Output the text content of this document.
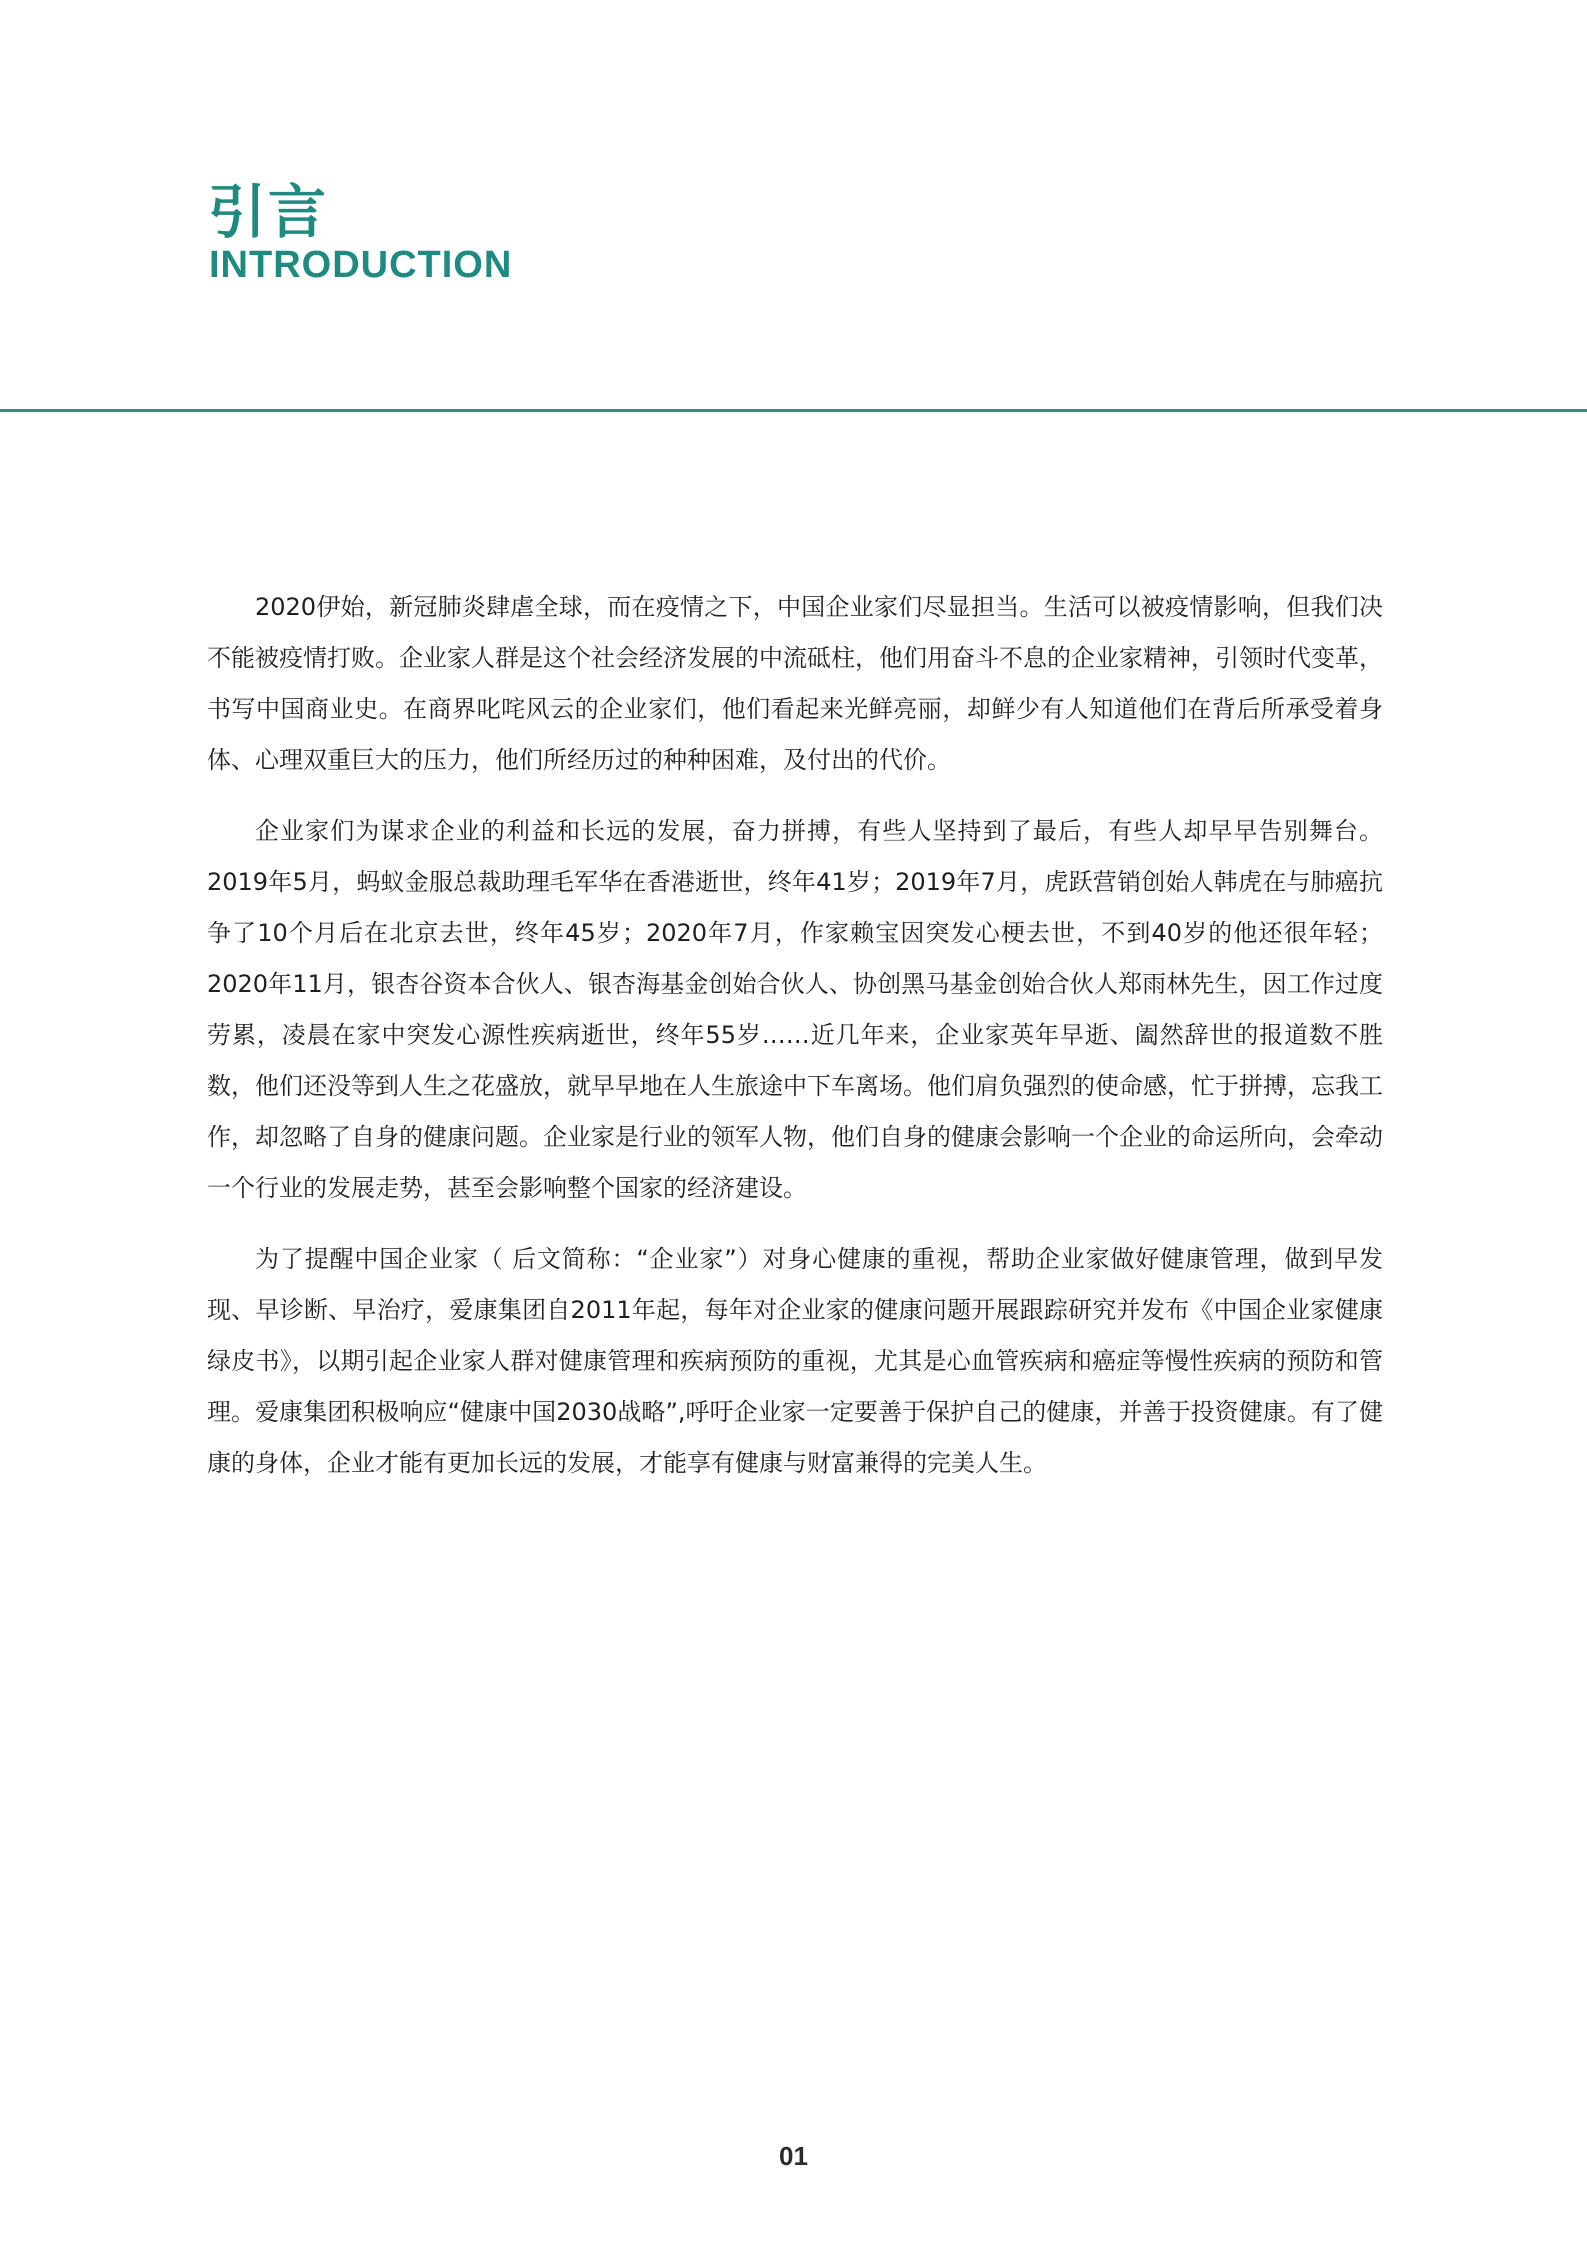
引言
INTRODUCTION

2020伊始，新冠肺炎肆虐全球，而在疫情之下，中国企业家们尽显担当。生活可以被疫情影响，但我们决不能被疫情打败。企业家人群是这个社会经济发展的中流砥柱，他们用奋斗不息的企业家精神，引领时代变革，书写中国商业史。在商界叱咤风云的企业家们，他们看起来光鲜亮丽，却鲜少有人知道他们在背后所承受着身体、心理双重巨大的压力，他们所经历过的种种困难，及付出的代价。

企业家们为谋求企业的利益和长远的发展，奋力拼搏，有些人坚持到了最后，有些人却早早告别舞台。2019年5月，蚂蚁金服总裁助理毛军华在香港逝世，终年41岁；2019年7月，虎跃营销创始人韩虎在与肺癌抗争了10个月后在北京去世，终年45岁；2020年7月，作家赖宝因突发心梗去世，不到40岁的他还很年轻；2020年11月，银杏谷资本合伙人、银杏海基金创始合伙人、协创黑马基金创始合伙人郑雨林先生，因工作过度劳累，凌晨在家中突发心源性疾病逝世，终年55岁……近几年来，企业家英年早逝、阖然辞世的报道数不胜数，他们还没等到人生之花盛放，就早早地在人生旅途中下车离场。他们肩负强烈的使命感，忙于拼搏，忘我工作，却忽略了自身的健康问题。企业家是行业的领军人物，他们自身的健康会影响一个企业的命运所向，会牵动一个行业的发展走势，甚至会影响整个国家的经济建设。

为了提醒中国企业家（ 后文简称：“企业家”）对身心健康的重视，帮助企业家做好健康管理，做到早发现、早诊断、早治疗，爱康集团自2011年起，每年对企业家的健康问题开展跟踪研究并发布《中国企业家健康绿皮书》，以期引起企业家人群对健康管理和疾病预防的重视，尤其是心血管疾病和癌症等慢性疾病的预防和管理。爱康集团积极响应“健康中国2030战略”,呼吁企业家一定要善于保护自己的健康，并善于投资健康。有了健康的身体，企业才能有更加长远的发展，才能享有健康与财富兼得的完美人生。

01
